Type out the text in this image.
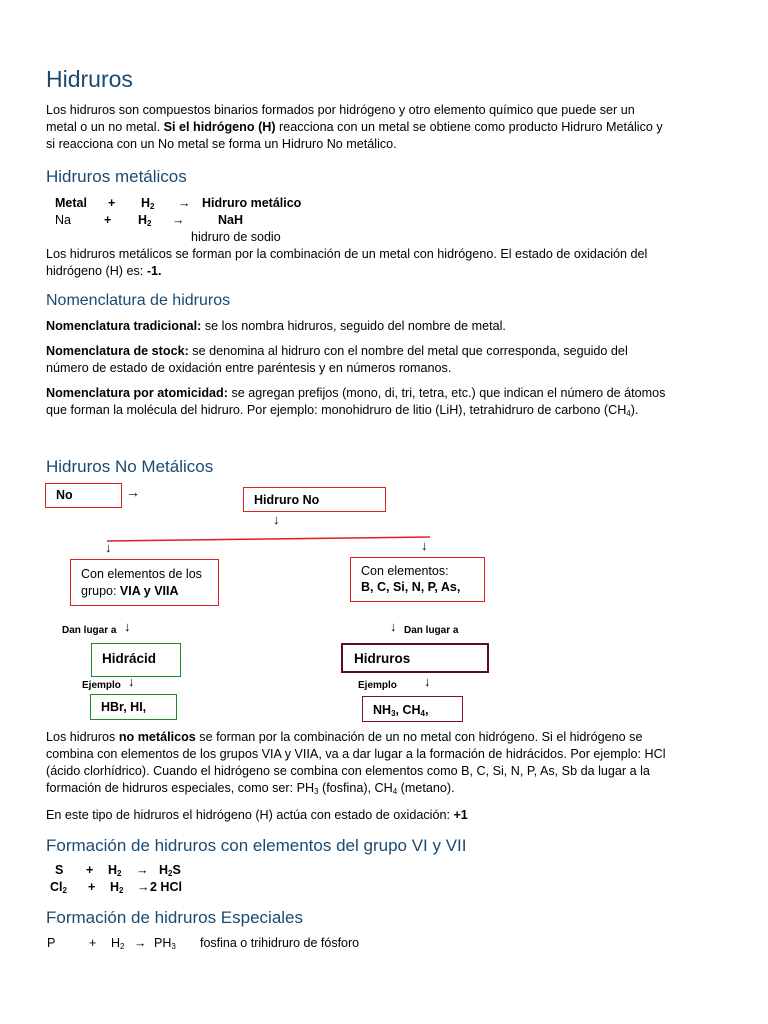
Hidruros
Los hidruros son compuestos binarios formados por hidrógeno y otro elemento químico que puede ser un
metal o un no metal. Si el hidrógeno (H) reacciona con un metal se obtiene como producto Hidruro Metálico y
si reacciona con un No metal se forma un Hidruro No metálico.
Hidruros metálicos
Metal + $H_2$ → Hidruro metálico
Na	+ $H_2$ →	NaH
hidruro de sodio
Los hidruros metálicos se forman por la combinación de un metal con hidrógeno. El estado de oxidación del
hidrógeno (H) es: -1.
Nomenclatura de hidruros
Nomenclatura tradicional: se los nombra hidruros, seguido del nombre de metal.
Nomenclatura de stock: se denomina al hidruro con el nombre del metal que corresponda, seguido del
número de estado de oxidación entre paréntesis y en números romanos.
Nomenclatura por atomicidad: se agregan prefijos (mono, di, tri, tetra, etc.) que indican el número de átomos
que forman la molécula del hidruro. Por ejemplo: monohidruro de litio (LiH), tetrahidruro de carbono $(CH_4)$.
Hidruros No Metálicos
No	→	Hidruro No
↓
↓	↓
Con elementos de los
grupo: VIA y VIIA
Con elementos:
B, C, Si, N, P, As,
Dan lugar a ↓	↓ Dan lugar a
Hidrácid	Hidruros
Ejemplo ↓	Ejemplo ↓
HBr, HI,	$NH_3$, $CH_4$,
Los hidruros no metálicos se forman por la combinación de un no metal con hidrógeno. Si el hidrógeno se
combina con elementos de los grupos VIA y VIIA, va a dar lugar a la formación de hidrácidos. Por ejemplo: HCl
(ácido clorhídrico). Cuando el hidrógeno se combina con elementos como B, C, Si, N, P, As, Sb da lugar a la
formación de hidruros especiales, como ser: $PH_3$ (fosfina), $CH_4$ (metano).
En este tipo de hidruros el hidrógeno (H) actúa con estado de oxidación: +1
Formación de hidruros con elementos del grupo VI y VII
$S + H_2 \to H_2S$
$Cl_2 + H_2 \to 2$ HCl
Formación de hidruros Especiales
P	+ $H_2 \to PH_3$ fosfina o trihidruro de fósforo
